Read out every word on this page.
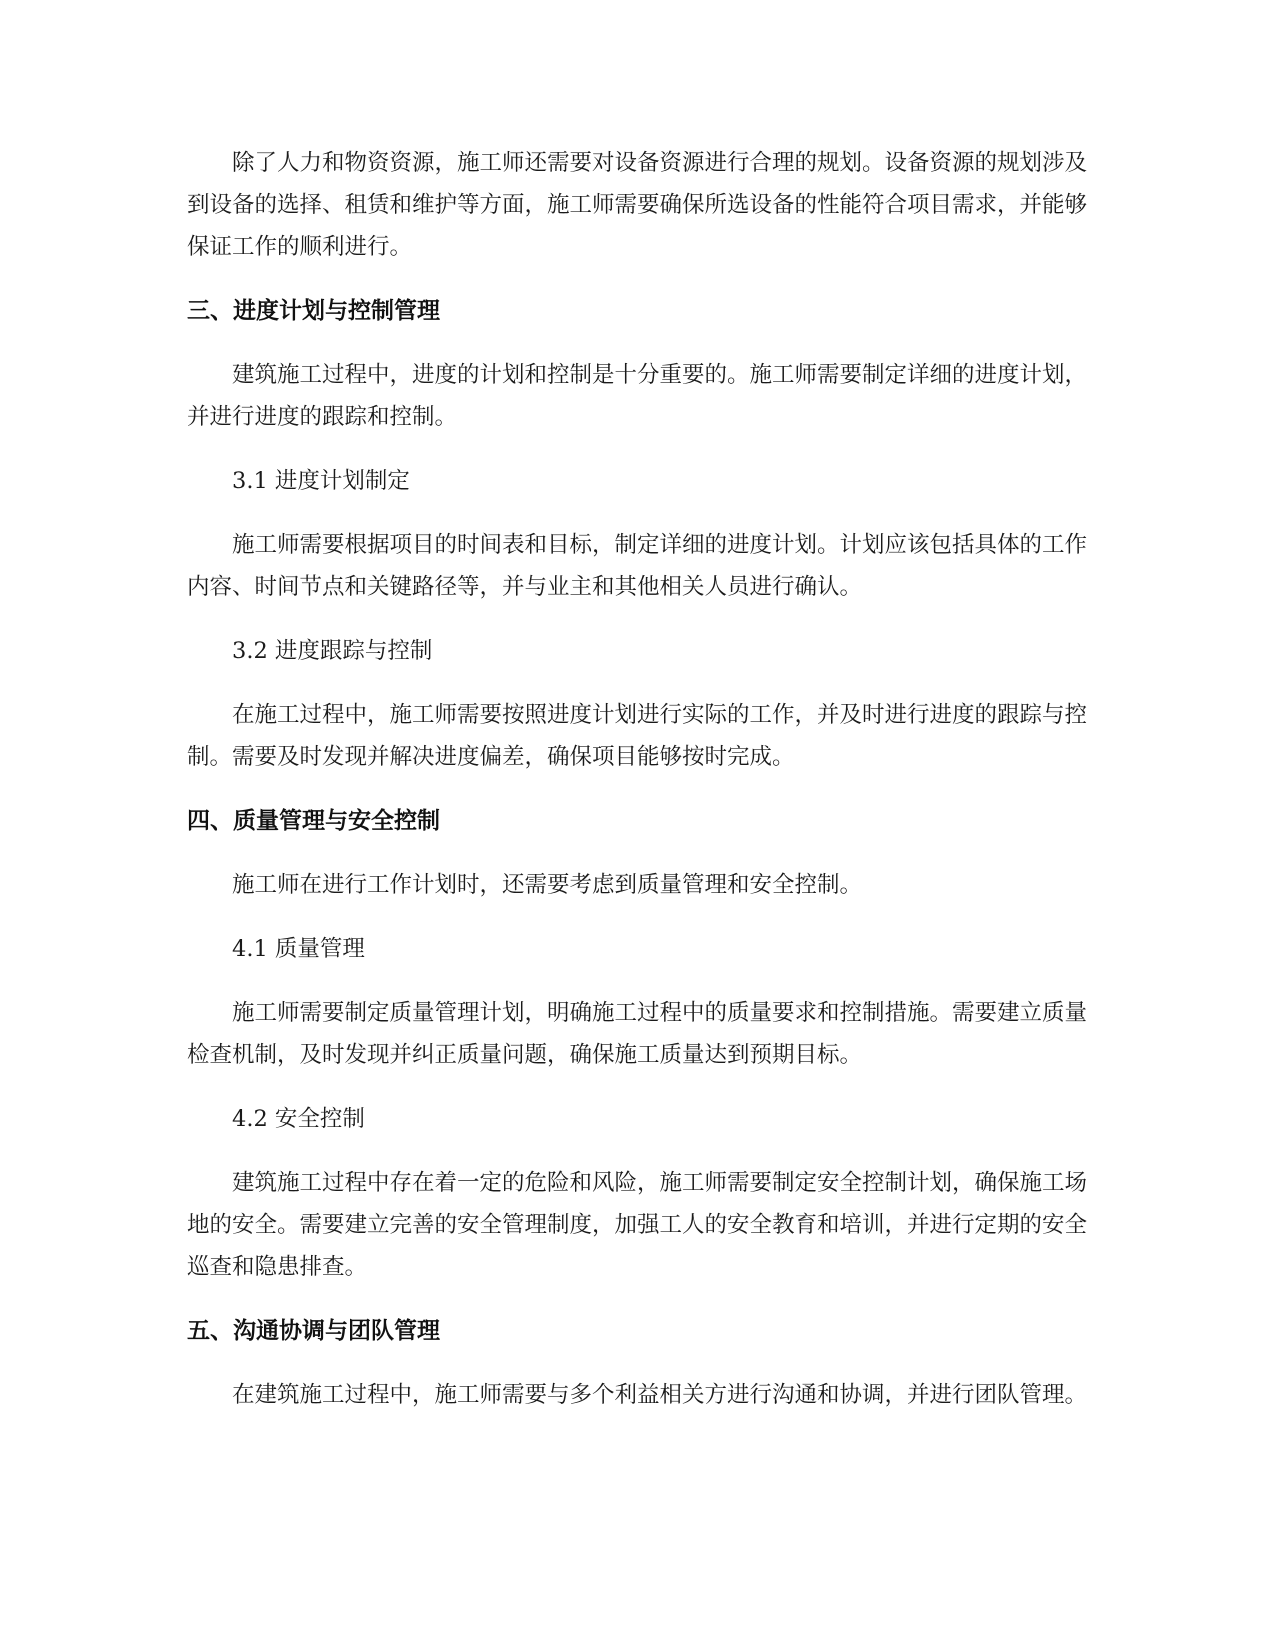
除了人力和物资资源，施工师还需要对设备资源进行合理的规划。设备资源的规划涉及到设备的选择、租赁和维护等方面，施工师需要确保所选设备的性能符合项目需求，并能够保证工作的顺利进行。

三、进度计划与控制管理

建筑施工过程中，进度的计划和控制是十分重要的。施工师需要制定详细的进度计划，并进行进度的跟踪和控制。

3.1 进度计划制定

施工师需要根据项目的时间表和目标，制定详细的进度计划。计划应该包括具体的工作内容、时间节点和关键路径等，并与业主和其他相关人员进行确认。

3.2 进度跟踪与控制

在施工过程中，施工师需要按照进度计划进行实际的工作，并及时进行进度的跟踪与控制。需要及时发现并解决进度偏差，确保项目能够按时完成。

四、质量管理与安全控制

施工师在进行工作计划时，还需要考虑到质量管理和安全控制。

4.1 质量管理

施工师需要制定质量管理计划，明确施工过程中的质量要求和控制措施。需要建立质量检查机制，及时发现并纠正质量问题，确保施工质量达到预期目标。

4.2 安全控制

建筑施工过程中存在着一定的危险和风险，施工师需要制定安全控制计划，确保施工场地的安全。需要建立完善的安全管理制度，加强工人的安全教育和培训，并进行定期的安全巡查和隐患排查。

五、沟通协调与团队管理

在建筑施工过程中，施工师需要与多个利益相关方进行沟通和协调，并进行团队管理。
